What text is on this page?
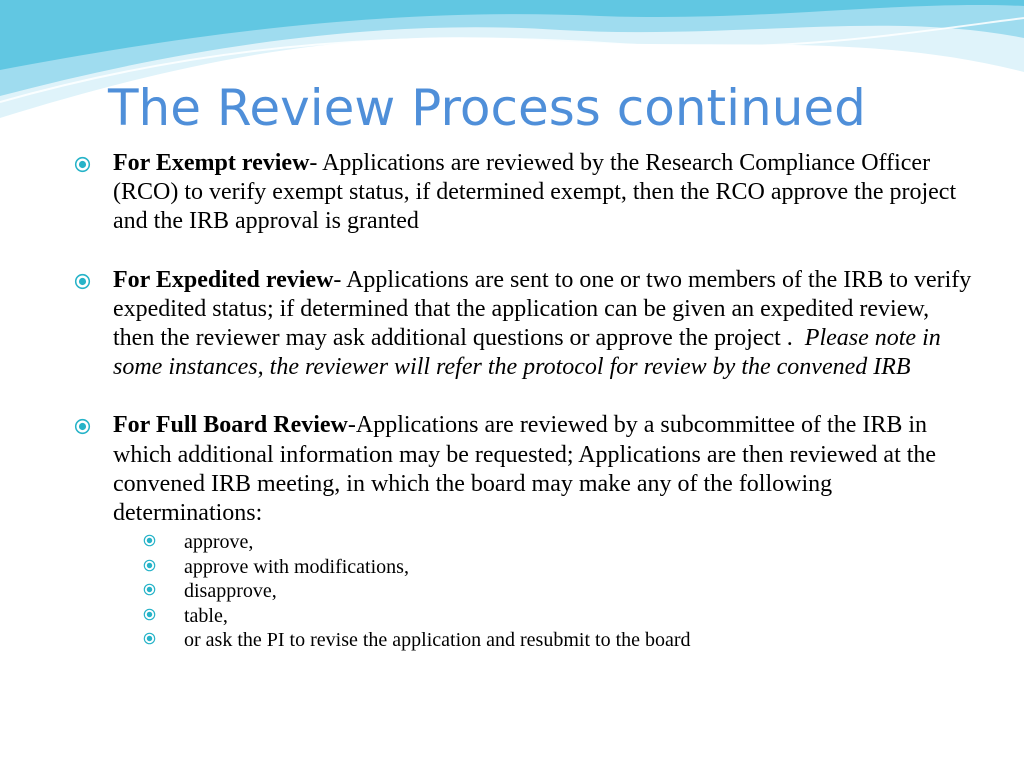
The Review Process continued
For Exempt review- Applications are reviewed by the Research Compliance Officer (RCO) to verify exempt status, if determined exempt, then the RCO approve the project and the IRB approval is granted
For Expedited review- Applications are sent to one or two members of the IRB to verify expedited status; if determined that the application can be given an expedited review, then the reviewer may ask additional questions or approve the project .  Please note in some instances, the reviewer will refer the protocol for review by the convened IRB
For Full Board Review-Applications are reviewed by a subcommittee of the IRB in which additional information may be requested; Applications are then reviewed at the convened IRB meeting, in which the board may make any of the following determinations:
approve,
approve with modifications,
disapprove,
table,
or ask the PI to revise the application and resubmit to the board
